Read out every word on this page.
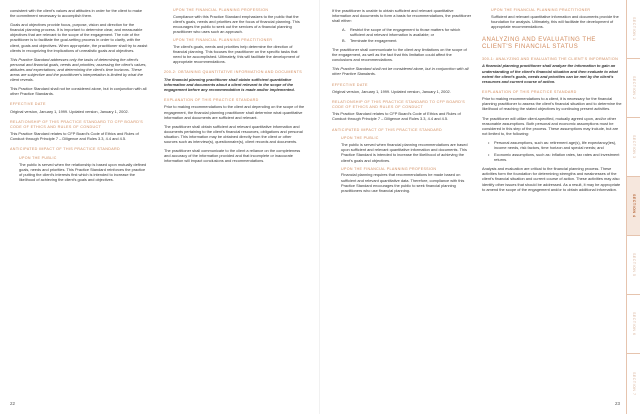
consistent with the client's values and attitudes in order for the client to make the commitment necessary to accomplish them.

Goals and objectives provide focus, purpose, vision and direction for the financial planning process. It is important to determine clear, and measurable objectives that are relevant to the scope of the engagement. The role of the practitioner is to facilitate the goal-setting process in order to clarify, with the client, goals and objectives. When appropriate, the practitioner shall try to assist clients in recognizing the implications of unrealistic goals and objectives.

This Practice Standard addresses only the tasks of determining the client's personal and financial goals, needs and priorities; assessing the client's values, attitudes and expectations; and determining the client's time horizons. These areas are subjective and the practitioner's interpretation is limited by what the client reveals.

This Practice Standard shall not be considered alone, but in conjunction with all other Practice Standards.

EFFECTIVE DATE

Original version, January 1, 1999. Updated version, January 1, 2002.

RELATIONSHIP OF THIS PRACTICE STANDARD TO CFP BOARD'S CODE OF ETHICS AND RULES OF CONDUCT

This Practice Standard relates to CFP Board's Code of Ethics and Rules of Conduct through Principle 7 – Diligence and Rules 3.3, 4.4 and 4.5.

ANTICIPATED IMPACT OF THIS PRACTICE STANDARD
UPON THE PUBLIC

The public is served when the relationship is based upon mutually defined goals, needs and priorities. This Practice Standard reinforces the practice of putting the client's interests first which is intended to increase the likelihood of achieving the client's goals and objectives.

UPON THE FINANCIAL PLANNING PROFESSION

Compliance with this Practice Standard emphasizes to the public that the client's goals, needs and priorities are the focus of financial planning. This encourages the public to seek out the services of a financial planning practitioner who uses such an approach.

UPON THE FINANCIAL PLANNING PRACTITIONER

The client's goals, needs and priorities help determine the direction of financial planning. This focuses the practitioner on the specific tasks that need to be accomplished. Ultimately, this will facilitate the development of appropriate recommendations.

200-2: OBTAINING QUANTITATIVE INFORMATION AND DOCUMENTS

The financial planning practitioner shall obtain sufficient quantitative information and documents about a client relevant to the scope of the engagement before any recommendation is made and/or implemented.

EXPLANATION OF THIS PRACTICE STANDARD

Prior to making recommendations to the client and depending on the scope of the engagement, the financial planning practitioner shall determine what quantitative information and documents are sufficient and relevant.

The practitioner shall obtain sufficient and relevant quantitative information and documents pertaining to the client's financial resources, obligations and personal situation. This information may be obtained directly from the client or other sources such as interview(s), questionnaire(s), client records and documents.

The practitioner shall communicate to the client a reliance on the completeness and accuracy of the information provided and that incomplete or inaccurate information will impact conclusions and recommendations.

22

If the practitioner is unable to obtain sufficient and relevant quantitative information and documents to form a basis for recommendations, the practitioner shall either:

A. Restrict the scope of the engagement to those matters for which sufficient and relevant information is available; or
B. Terminate the engagement.

The practitioner shall communicate to the client any limitations on the scope of the engagement, as well as the fact that this limitation could affect the conclusions and recommendations.

This Practice Standard shall not be considered alone, but in conjunction with all other Practice Standards.

EFFECTIVE DATE

Original version, January 1, 1999. Updated version, January 1, 2002.

RELATIONSHIP OF THIS PRACTICE STANDARD TO CFP BOARD'S CODE OF ETHICS AND RULES OF CONDUCT

This Practice Standard relates to CFP Board's Code of Ethics and Rules of Conduct through Principle 7 – Diligence and Rules 3.3, 4.4 and 4.5.

ANTICIPATED IMPACT OF THIS PRACTICE STANDARD
UPON THE PUBLIC

The public is served when financial planning recommendations are based upon sufficient and relevant quantitative information and documents. This Practice Standard is intended to increase the likelihood of achieving the client's goals and objectives.

UPON THE FINANCIAL PLANNING PROFESSION

Financial planning requires that recommendations be made based on sufficient and relevant quantitative data. Therefore, compliance with this Practice Standard encourages the public to seek financial planning practitioners who use financial planning.

UPON THE FINANCIAL PLANNING PRACTITIONER

Sufficient and relevant quantitative information and documents provide the foundation for analysis. Ultimately, this will facilitate the development of appropriate recommendations.

ANALYZING AND EVALUATING THE CLIENT'S FINANCIAL STATUS
300-1: ANALYZING AND EVALUATING THE CLIENT'S INFORMATION

A financial planning practitioner shall analyze the information to gain an understanding of the client's financial situation and then evaluate to what extent the client's goals, needs and priorities can be met by the client's resources and current course of action.

EXPLANATION OF THIS PRACTICE STANDARD

Prior to making recommendations to a client, it is necessary for the financial planning practitioner to assess the client's financial situation and to determine the likelihood of reaching the stated objectives by continuing present activities.

The practitioner will utilize client-specified, mutually agreed upon, and/or other reasonable assumptions. Both personal and economic assumptions must be considered in this step of the process. These assumptions may include, but are not limited to, the following:

• Personal assumptions, such as: retirement age(s), life expectancy(ies), income needs, risk factors, time horizon and special needs; and
• Economic assumptions, such as: inflation rates, tax rates and investment returns.

Analysis and evaluation are critical to the financial planning process. These activities form the foundation for determining strengths and weaknesses of the client's financial situation and current course of action. These activities may also identify other issues that should be addressed. As a result, it may be appropriate to amend the scope of the engagement and/or to obtain additional information.

23
SECTION 1
SECTION 2
SECTION 3
SECTION 4
SECTION 5
SECTION 6
SECTION 7
